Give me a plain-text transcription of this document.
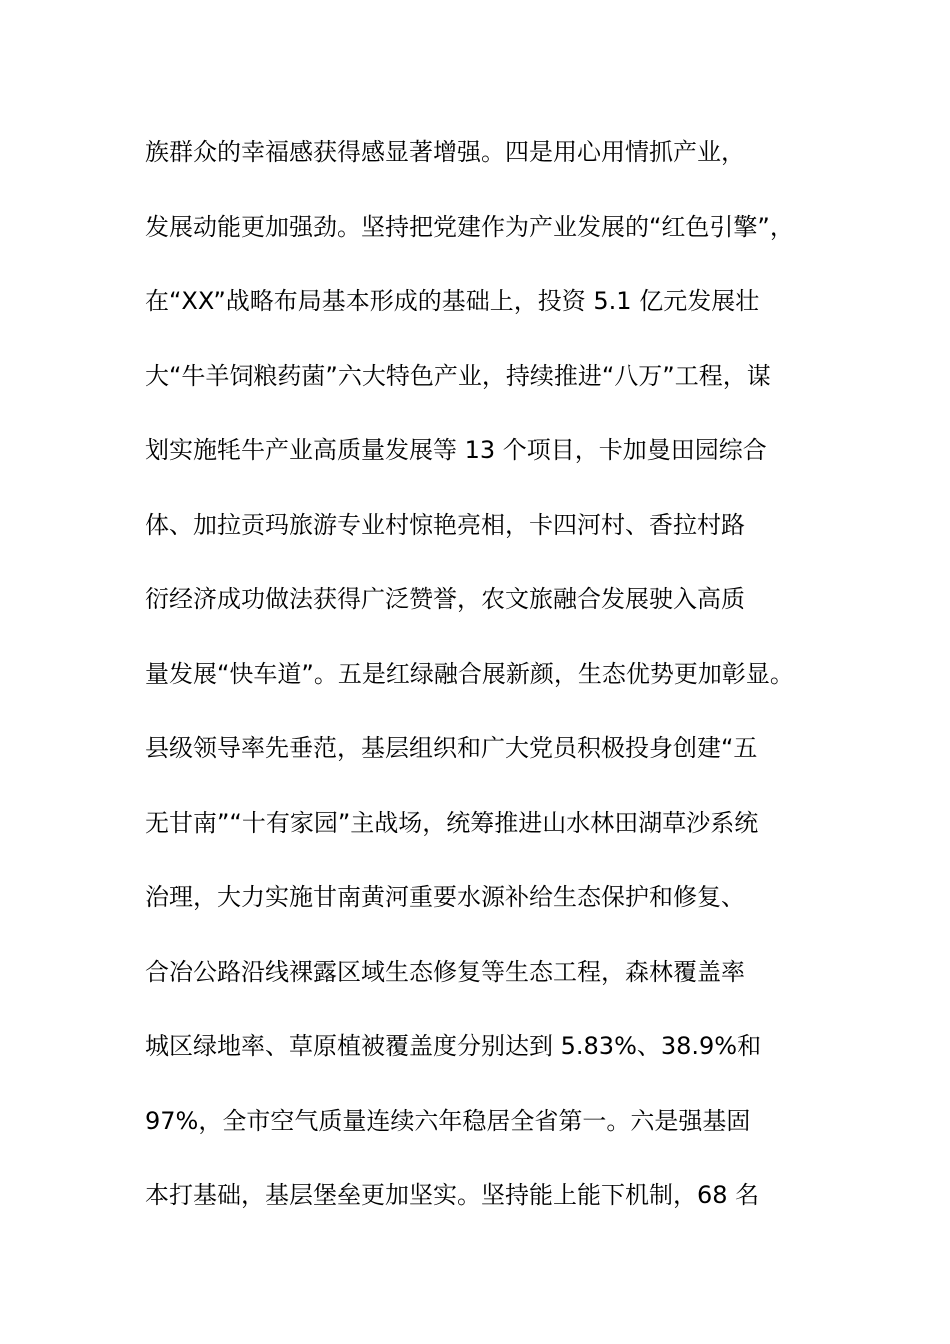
族群众的幸福感获得感显著增强。四是用心用情抓产业，
发展动能更加强劲。坚持把党建作为产业发展的“红色引擎”，
在“XX”战略布局基本形成的基础上，投资 5.1 亿元发展壮
大“牛羊饲粮药菌”六大特色产业，持续推进“八万”工程，谋
划实施牦牛产业高质量发展等 13 个项目，卡加曼田园综合
体、加拉贡玛旅游专业村惊艳亮相，卡四河村、香拉村路
衍经济成功做法获得广泛赞誉，农文旅融合发展驶入高质
量发展“快车道”。五是红绿融合展新颜，生态优势更加彰显。
县级领导率先垂范，基层组织和广大党员积极投身创建“五
无甘南”“十有家园”主战场，统筹推进山水林田湖草沙系统
治理，大力实施甘南黄河重要水源补给生态保护和修复、
合冶公路沿线裸露区域生态修复等生态工程，森林覆盖率
城区绿地率、草原植被覆盖度分别达到 5.83%、38.9%和
97%，全市空气质量连续六年稳居全省第一。六是强基固
本打基础，基层堡垒更加坚实。坚持能上能下机制，68 名
